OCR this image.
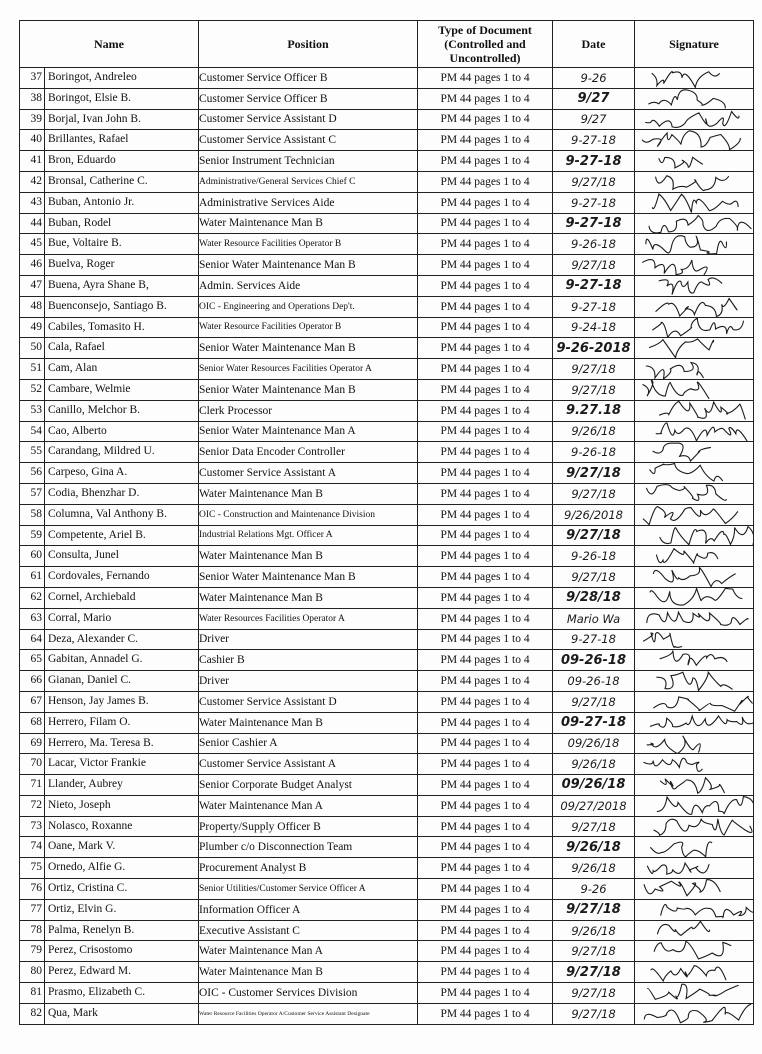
Name	Position	Type of Document
(Controlled and
Uncontrolled)	Date	Signature

37 Boringot, Andreleo	Customer Service Officer B	PM 44 pages 1 to 4	9-26	

38 Boringot, Elsie B.	Customer Service Officer B	PM 44 pages 1 to 4	9/27	

39 Borjal, Ivan John B.	Customer Service Assistant D	PM 44 pages 1 to 4	9/27	

40 Brillantes, Rafael	Customer Service Assistant C	PM 44 pages 1 to 4	9-27-18	

41 Bron, Eduardo	Senior Instrument Technician	PM 44 pages 1 to 4	9-27-18	

42 Bronsal, Catherine C.	Administrative/General Services Chief C	PM 44 pages 1 to 4	9/27/18	

43 Buban, Antonio Jr.	Administrative Services Aide	PM 44 pages 1 to 4	9-27-18	

44 Buban, Rodel	Water Maintenance Man B	PM 44 pages 1 to 4	9-27-18	

45 Bue, Voltaire B.	Water Resource Facilities Operator B	PM 44 pages 1 to 4	9-26-18	

46 Buelva, Roger	Senior Water Maintenance Man B	PM 44 pages 1 to 4	9/27/18	

47 Buena, Ayra Shane B,	Admin. Services Aide	PM 44 pages 1 to 4	9-27-18	

48 Buenconsejo, Santiago B.	OIC - Engineering and Operations Dep't.	PM 44 pages 1 to 4	9-27-18	

49 Cabiles, Tomasito H.	Water Resource Facilities Operator B	PM 44 pages 1 to 4	9-24-18	

50 Cala, Rafael	Senior Water Maintenance Man B	PM 44 pages 1 to 4	9-26-2018	

51 Cam, Alan	Senior Water Resources Facilities Operator A	PM 44 pages 1 to 4	9/27/18	

52 Cambare, Welmie	Senior Water Maintenance Man B	PM 44 pages 1 to 4	9/27/18	

53 Canillo, Melchor B.	Clerk Processor	PM 44 pages 1 to 4	9.27.18	

54 Cao, Alberto	Senior Water Maintenance Man A	PM 44 pages 1 to 4	9/26/18	

55 Carandang, Mildred U.	Senior Data Encoder Controller	PM 44 pages 1 to 4	9-26-18	

56 Carpeso, Gina A.	Customer Service Assistant A	PM 44 pages 1 to 4	9/27/18	

57 Codia, Bhenzhar D.	Water Maintenance Man B	PM 44 pages 1 to 4	9/27/18	

58 Columna, Val Anthony B.	OIC - Construction and Maintenance Division	PM 44 pages 1 to 4	9/26/2018	

59 Competente, Ariel B.	Industrial Relations Mgt. Officer A	PM 44 pages 1 to 4	9/27/18	

60 Consulta, Junel	Water Maintenance Man B	PM 44 pages 1 to 4	9-26-18	

61 Cordovales, Fernando	Senior Water Maintenance Man B	PM 44 pages 1 to 4	9/27/18	

62 Cornel, Archiebald	Water Maintenance Man B	PM 44 pages 1 to 4	9/28/18	

63 Corral, Mario	Water Resources Facilities Operator A	PM 44 pages 1 to 4	Mario Wa	

64 Deza, Alexander C.	Driver	PM 44 pages 1 to 4	9-27-18	

65 Gabitan, Annadel G.	Cashier B	PM 44 pages 1 to 4	09-26-18	

66 Gianan, Daniel C.	Driver	PM 44 pages 1 to 4	09-26-18	

67 Henson, Jay James B.	Customer Service Assistant D	PM 44 pages 1 to 4	9/27/18	

68 Herrero, Filam O.	Water Maintenance Man B	PM 44 pages 1 to 4	09-27-18	

69 Herrero, Ma. Teresa B.	Senior Cashier A	PM 44 pages 1 to 4	09/26/18	

70 Lacar, Victor Frankie	Customer Service Assistant A	PM 44 pages 1 to 4	9/26/18	

71 Llander, Aubrey	Senior Corporate Budget Analyst	PM 44 pages 1 to 4	09/26/18	

72 Nieto, Joseph	Water Maintenance Man A	PM 44 pages 1 to 4	09/27/2018	

73 Nolasco, Roxanne	Property/Supply Officer B	PM 44 pages 1 to 4	9/27/18	

74 Oane, Mark V.	Plumber c/o Disconnection Team	PM 44 pages 1 to 4	9/26/18	

75 Ornedo, Alfie G.	Procurement Analyst B	PM 44 pages 1 to 4	9/26/18	

76 Ortiz, Cristina C.	Senior Utilities/Customer Service Officer A	PM 44 pages 1 to 4	9-26	

77 Ortiz, Elvin G.	Information Officer A	PM 44 pages 1 to 4	9/27/18	

78 Palma, Renelyn B.	Executive Assistant C	PM 44 pages 1 to 4	9/26/18	

79 Perez, Crisostomo	Water Maintenance Man A	PM 44 pages 1 to 4	9/27/18	

80 Perez, Edward M.	Water Maintenance Man B	PM 44 pages 1 to 4	9/27/18	

81 Prasmo, Elizabeth C.	OIC - Customer Services Division	PM 44 pages 1 to 4	9/27/18	

82 Qua, Mark	Water Resource Facilities Operator A/Customer Service Assistant Designate	PM 44 pages 1 to 4	9/27/18	
